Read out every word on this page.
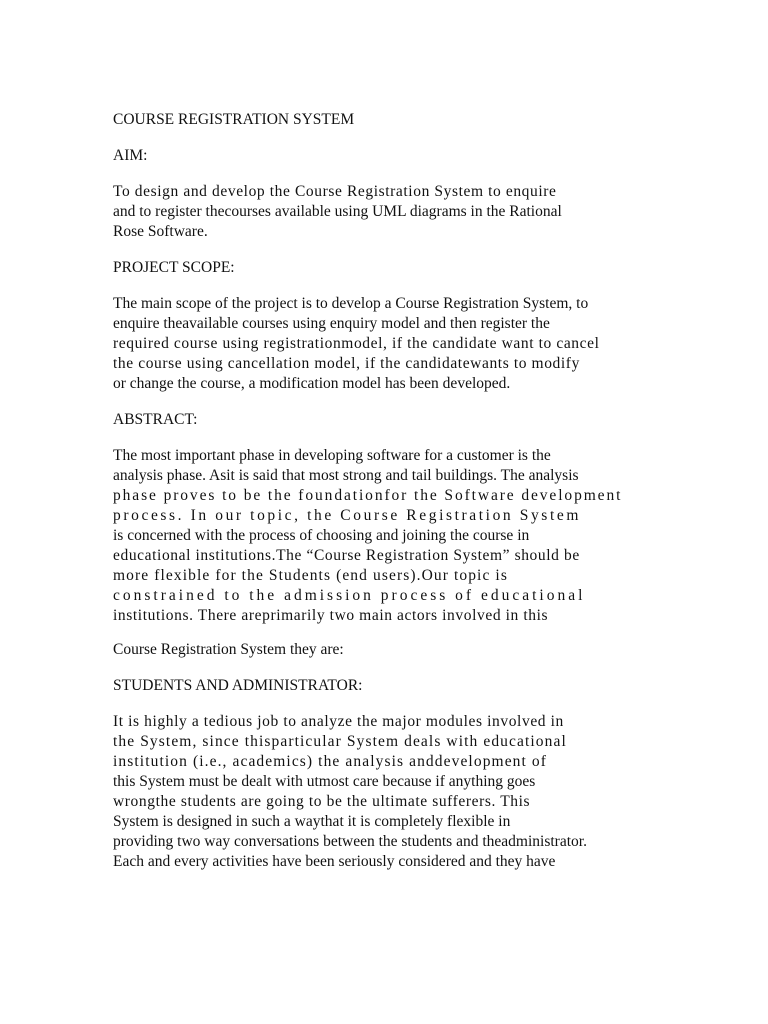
COURSE REGISTRATION SYSTEM
AIM:
To design and develop the Course Registration System to enquire
and to register thecourses available using UML diagrams in the Rational
Rose Software.
PROJECT SCOPE:
The main scope of the project is to develop a Course Registration System, to
enquire theavailable courses using enquiry model and then register the
required course using registrationmodel, if the candidate want to cancel
the course using cancellation model, if the candidatewants to modify
or change the course, a modification model has been developed.
ABSTRACT:
The most important phase in developing software for a customer is the
analysis phase. Asit is said that most strong and tail buildings. The analysis
phase proves to be the foundationfor the Software development
process. In our topic, the Course Registration System
is concerned with the process of choosing and joining the course in
educational institutions.The “Course Registration System” should be
more flexible for the Students (end users).Our topic is
constrained to the admission process of educational
institutions. There areprimarily two main actors involved in this
Course Registration System they are:
STUDENTS AND ADMINISTRATOR:
It is highly a tedious job to analyze the major modules involved in
the System, since thisparticular System deals with educational
institution (i.e., academics) the analysis anddevelopment of
this System must be dealt with utmost care because if anything goes
wrongthe students are going to be the ultimate sufferers. This
System is designed in such a waythat it is completely flexible in
providing two way conversations between the students and theadministrator.
Each and every activities have been seriously considered and they have
